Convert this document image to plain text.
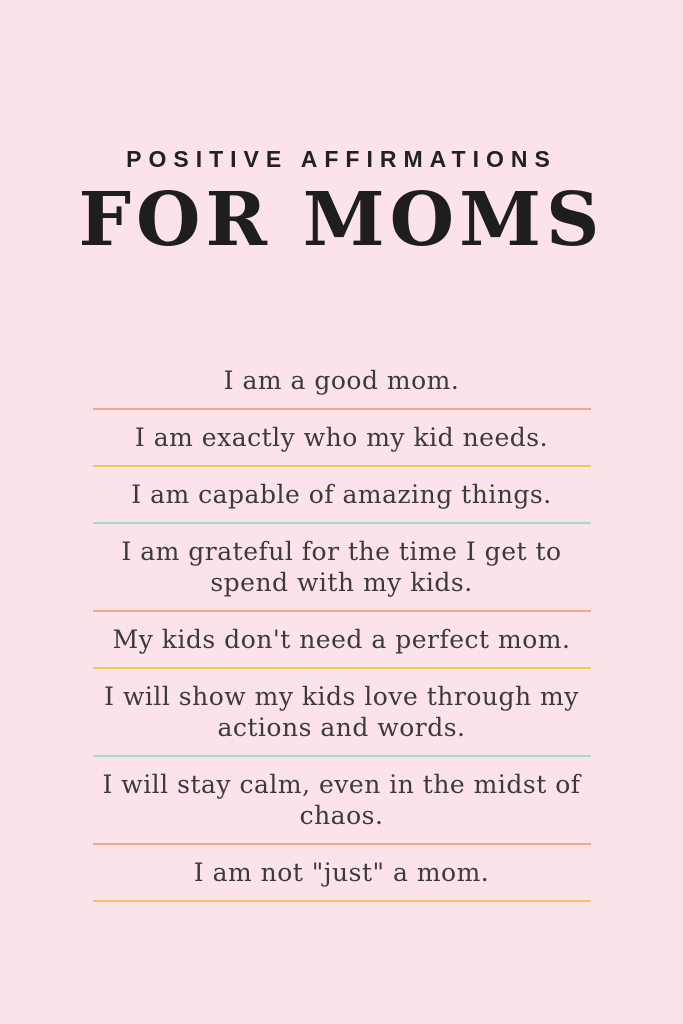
POSITIVE AFFIRMATIONS
FOR MOMS
I am a good mom.
I am exactly who my kid needs.
I am capable of amazing things.
I am grateful for the time I get to spend with my kids.
My kids don't need a perfect mom.
I will show my kids love through my actions and words.
I will stay calm, even in the midst of chaos.
I am not "just" a mom.
